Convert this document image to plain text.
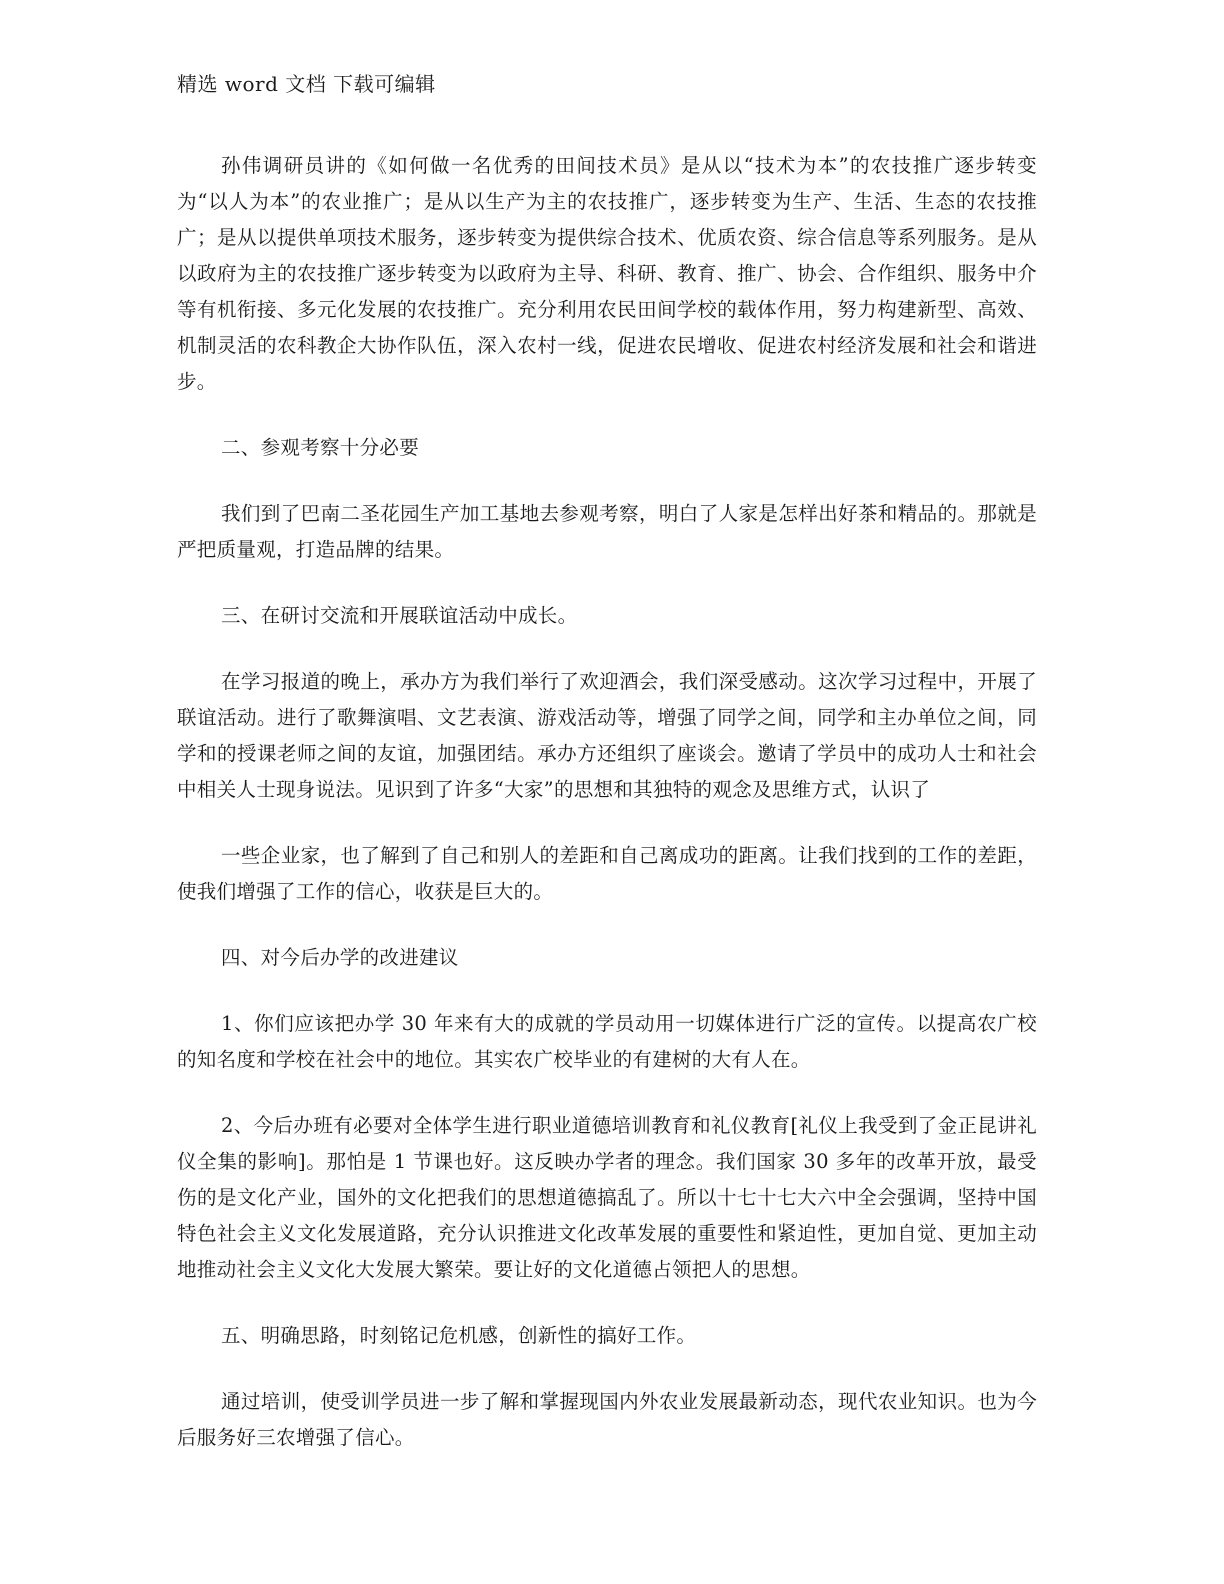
精选 word 文档 下载可编辑

孙伟调研员讲的《如何做一名优秀的田间技术员》是从以“技术为本”的农技推广逐步转变为“以人为本”的农业推广；是从以生产为主的农技推广，逐步转变为生产、生活、生态的农技推广；是从以提供单项技术服务，逐步转变为提供综合技术、优质农资、综合信息等系列服务。是从以政府为主的农技推广逐步转变为以政府为主导、科研、教育、推广、协会、合作组织、服务中介等有机衔接、多元化发展的农技推广。充分利用农民田间学校的载体作用，努力构建新型、高效、机制灵活的农科教企大协作队伍，深入农村一线，促进农民增收、促进农村经济发展和社会和谐进步。

二、参观考察十分必要

我们到了巴南二圣花园生产加工基地去参观考察，明白了人家是怎样出好茶和精品的。那就是严把质量观，打造品牌的结果。

三、在研讨交流和开展联谊活动中成长。

在学习报道的晚上，承办方为我们举行了欢迎酒会，我们深受感动。这次学习过程中，开展了联谊活动。进行了歌舞演唱、文艺表演、游戏活动等，增强了同学之间，同学和主办单位之间，同学和的授课老师之间的友谊，加强团结。承办方还组织了座谈会。邀请了学员中的成功人士和社会中相关人士现身说法。见识到了许多“大家”的思想和其独特的观念及思维方式，认识了

一些企业家，也了解到了自己和别人的差距和自己离成功的距离。让我们找到的工作的差距，使我们增强了工作的信心，收获是巨大的。

四、对今后办学的改进建议

1、你们应该把办学 30 年来有大的成就的学员动用一切媒体进行广泛的宣传。以提高农广校的知名度和学校在社会中的地位。其实农广校毕业的有建树的大有人在。

2、今后办班有必要对全体学生进行职业道德培训教育和礼仪教育[礼仪上我受到了金正昆讲礼仪全集的影响]。那怕是 1 节课也好。这反映办学者的理念。我们国家 30 多年的改革开放，最受伤的是文化产业，国外的文化把我们的思想道德搞乱了。所以十七十七大六中全会强调，坚持中国特色社会主义文化发展道路，充分认识推进文化改革发展的重要性和紧迫性，更加自觉、更加主动地推动社会主义文化大发展大繁荣。要让好的文化道德占领把人的思想。

五、明确思路，时刻铭记危机感，创新性的搞好工作。

通过培训，使受训学员进一步了解和掌握现国内外农业发展最新动态，现代农业知识。也为今后服务好三农增强了信心。
